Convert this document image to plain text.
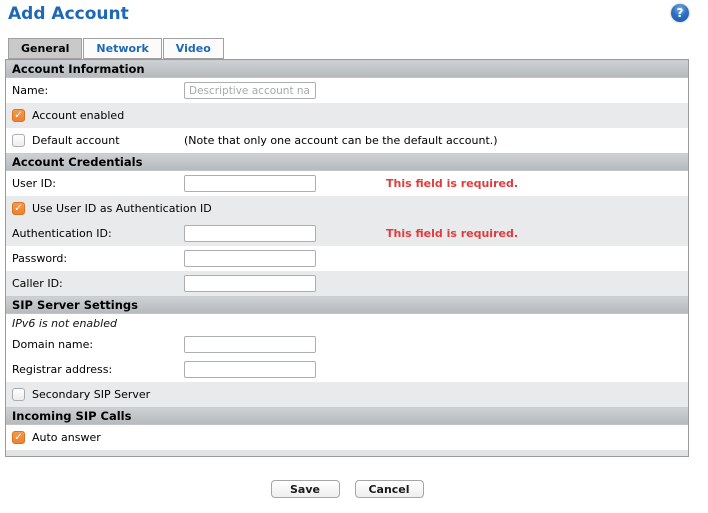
Add Account	?
General	Network	Video
Account Information
Name:
Descriptive account nam
✓ Account enabled
Default account	(Note that only one account can be the default account.)
Account Credentials
User ID:	This field is required.
✓ Use User ID as Authentication ID
Authentication ID:	This field is required.
Password:
Caller ID:
SIP Server Settings
IPv6 is not enabled
Domain name:
Registrar address:
Secondary SIP Server
Incoming SIP Calls
✓ Auto answer
Save	Cancel
